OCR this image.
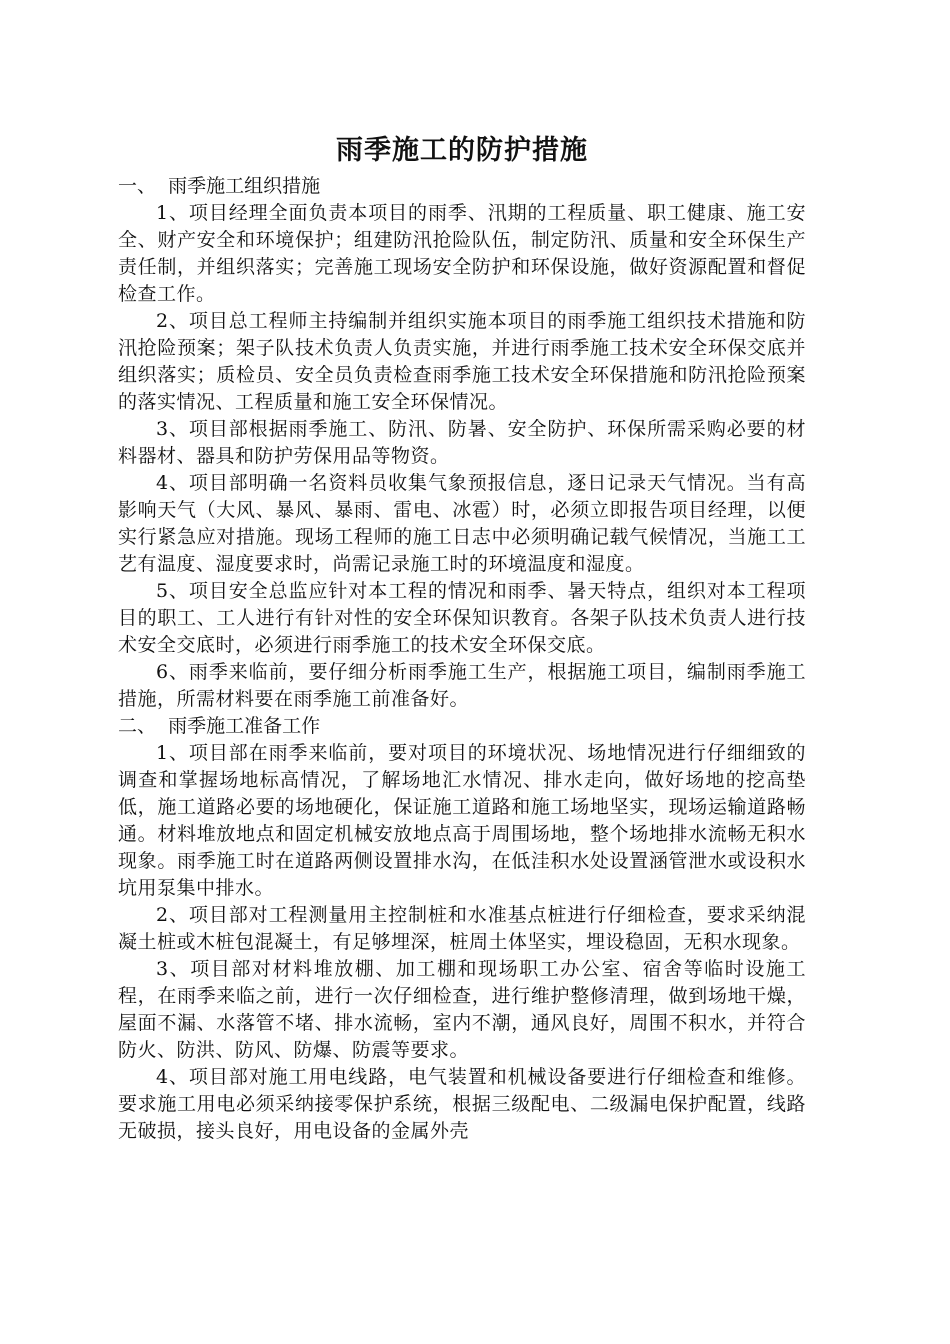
雨季施工的防护措施

一、  雨季施工组织措施

1、项目经理全面负责本项目的雨季、汛期的工程质量、职工健康、施工安全、财产安全和环境保护；组建防汛抢险队伍，制定防汛、质量和安全环保生产责任制，并组织落实；完善施工现场安全防护和环保设施，做好资源配置和督促检查工作。

2、项目总工程师主持编制并组织实施本项目的雨季施工组织技术措施和防汛抢险预案；架子队技术负责人负责实施，并进行雨季施工技术安全环保交底并组织落实；质检员、安全员负责检查雨季施工技术安全环保措施和防汛抢险预案的落实情况、工程质量和施工安全环保情况。

3、项目部根据雨季施工、防汛、防暑、安全防护、环保所需采购必要的材料器材、器具和防护劳保用品等物资。

4、项目部明确一名资料员收集气象预报信息，逐日记录天气情况。当有高影响天气（大风、暴风、暴雨、雷电、冰雹）时，必须立即报告项目经理，以便实行紧急应对措施。现场工程师的施工日志中必须明确记载气候情况，当施工工艺有温度、湿度要求时，尚需记录施工时的环境温度和湿度。

5、项目安全总监应针对本工程的情况和雨季、暑天特点，组织对本工程项目的职工、工人进行有针对性的安全环保知识教育。各架子队技术负责人进行技术安全交底时，必须进行雨季施工的技术安全环保交底。

6、雨季来临前，要仔细分析雨季施工生产，根据施工项目，编制雨季施工措施，所需材料要在雨季施工前准备好。

二、  雨季施工准备工作

1、项目部在雨季来临前，要对项目的环境状况、场地情况进行仔细细致的调查和掌握场地标高情况，了解场地汇水情况、排水走向，做好场地的挖高垫低，施工道路必要的场地硬化，保证施工道路和施工场地坚实，现场运输道路畅通。材料堆放地点和固定机械安放地点高于周围场地，整个场地排水流畅无积水现象。雨季施工时在道路两侧设置排水沟，在低洼积水处设置涵管泄水或设积水坑用泵集中排水。

2、项目部对工程测量用主控制桩和水准基点桩进行仔细检查，要求采纳混凝土桩或木桩包混凝土，有足够埋深，桩周土体坚实，埋设稳固，无积水现象。

3、项目部对材料堆放棚、加工棚和现场职工办公室、宿舍等临时设施工程，在雨季来临之前，进行一次仔细检查，进行维护整修清理，做到场地干燥，屋面不漏、水落管不堵、排水流畅，室内不潮，通风良好，周围不积水，并符合防火、防洪、防风、防爆、防震等要求。

4、项目部对施工用电线路，电气装置和机械设备要进行仔细检查和维修。要求施工用电必须采纳接零保护系统，根据三级配电、二级漏电保护配置，线路无破损，接头良好，用电设备的金属外壳
